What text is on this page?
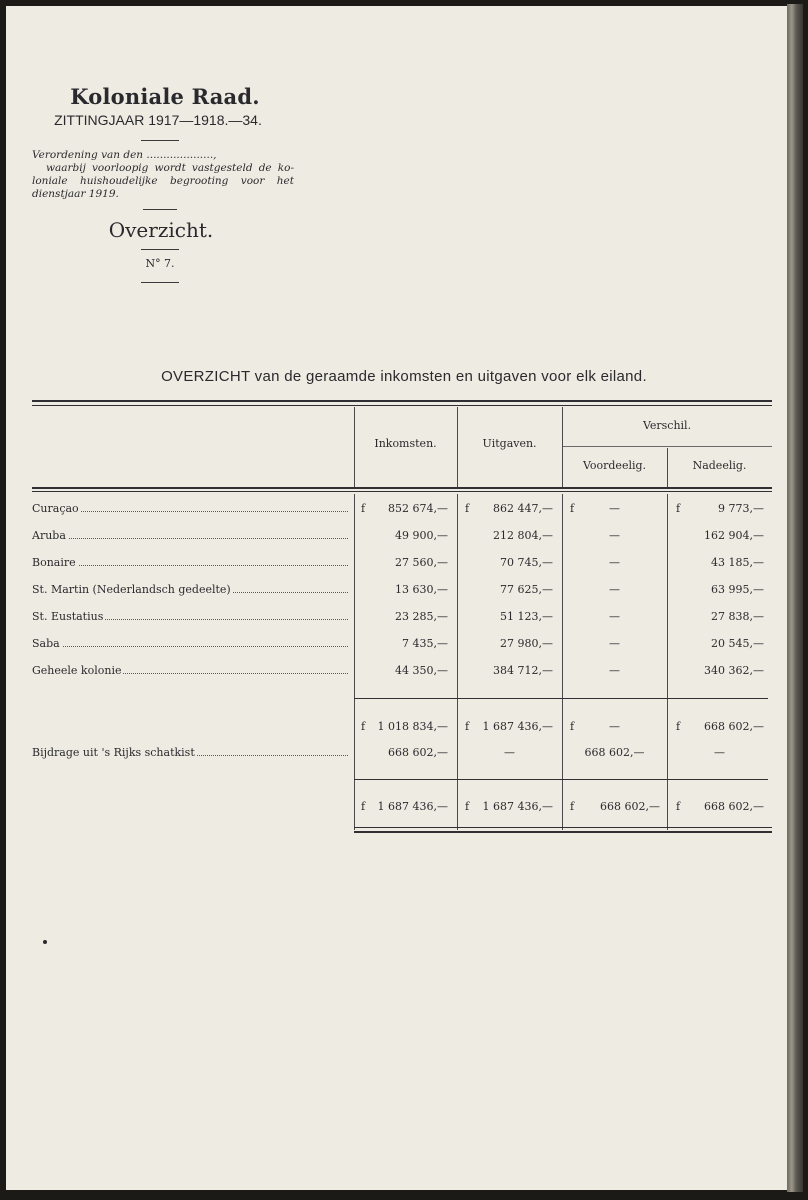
Koloniale Raad.
ZITTINGJAAR 1917—1918.—34.
Verordening van den ....................,
waarbij voorloopig wordt vastgesteld de ko-
loniale huishoudelijke begrooting voor het
dienstjaar 1919.
Overzicht.
N° 7.
OVERZICHT van de geraamde inkomsten en uitgaven voor elk eiland.
Inkomsten.	Uitgaven.
Verschil.
Voordeelig.	Nadeelig.
Curaçao	f	852 674,— f	862 447,— f	—	f	9 773,—
Aruba	49 900,—	212 804,—	—	162 904,—
Bonaire	27 560,—	70 745,—	—	43 185,—
St. Martin (Nederlandsch gedeelte)	13 630,—	77 625,—	—	63 995,—
St. Eustatius	23 285,—	51 123,—	—	27 838,—
Saba	7 435,—	27 980,—	—	20 545,—
Geheele kolonie	44 350,—	384 712,—	—	340 362,—
f	1 018 834,— f	1 687 436,— f	—	f	668 602,—
Bijdrage uit 's Rijks schatkist	668 602,—	—	668 602,—	—
f	1 687 436,— f	1 687 436,— f	668 602,— f	668 602,—
